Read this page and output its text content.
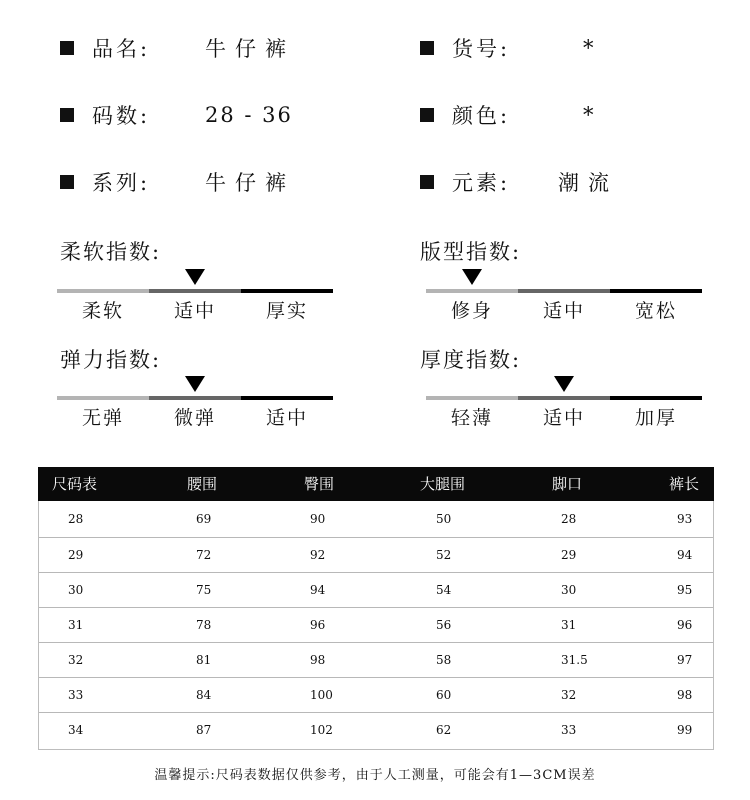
品名:	牛仔裤
码数:	28 - 36
系列:	牛仔裤
货号:	*
颜色:	*
元素: 潮流
柔软指数:
柔软	适中	厚实
版型指数:
修身	适中	宽松
弹力指数:
无弹	微弹	适中
厚度指数:
轻薄	适中	加厚
尺码表	腰围	臀围	大腿围	脚口	裤长
28	69	90	50	28	93
29	72	92	52	29	94
30	75	94	54	30	95
31	78	96	56	31	96
32	81	98	58	31.5	97
33	84	100	60	32	98
34	87	102	62	33	99
温馨提示:尺码表数据仅供参考，由于人工测量，可能会有1—3CM误差
